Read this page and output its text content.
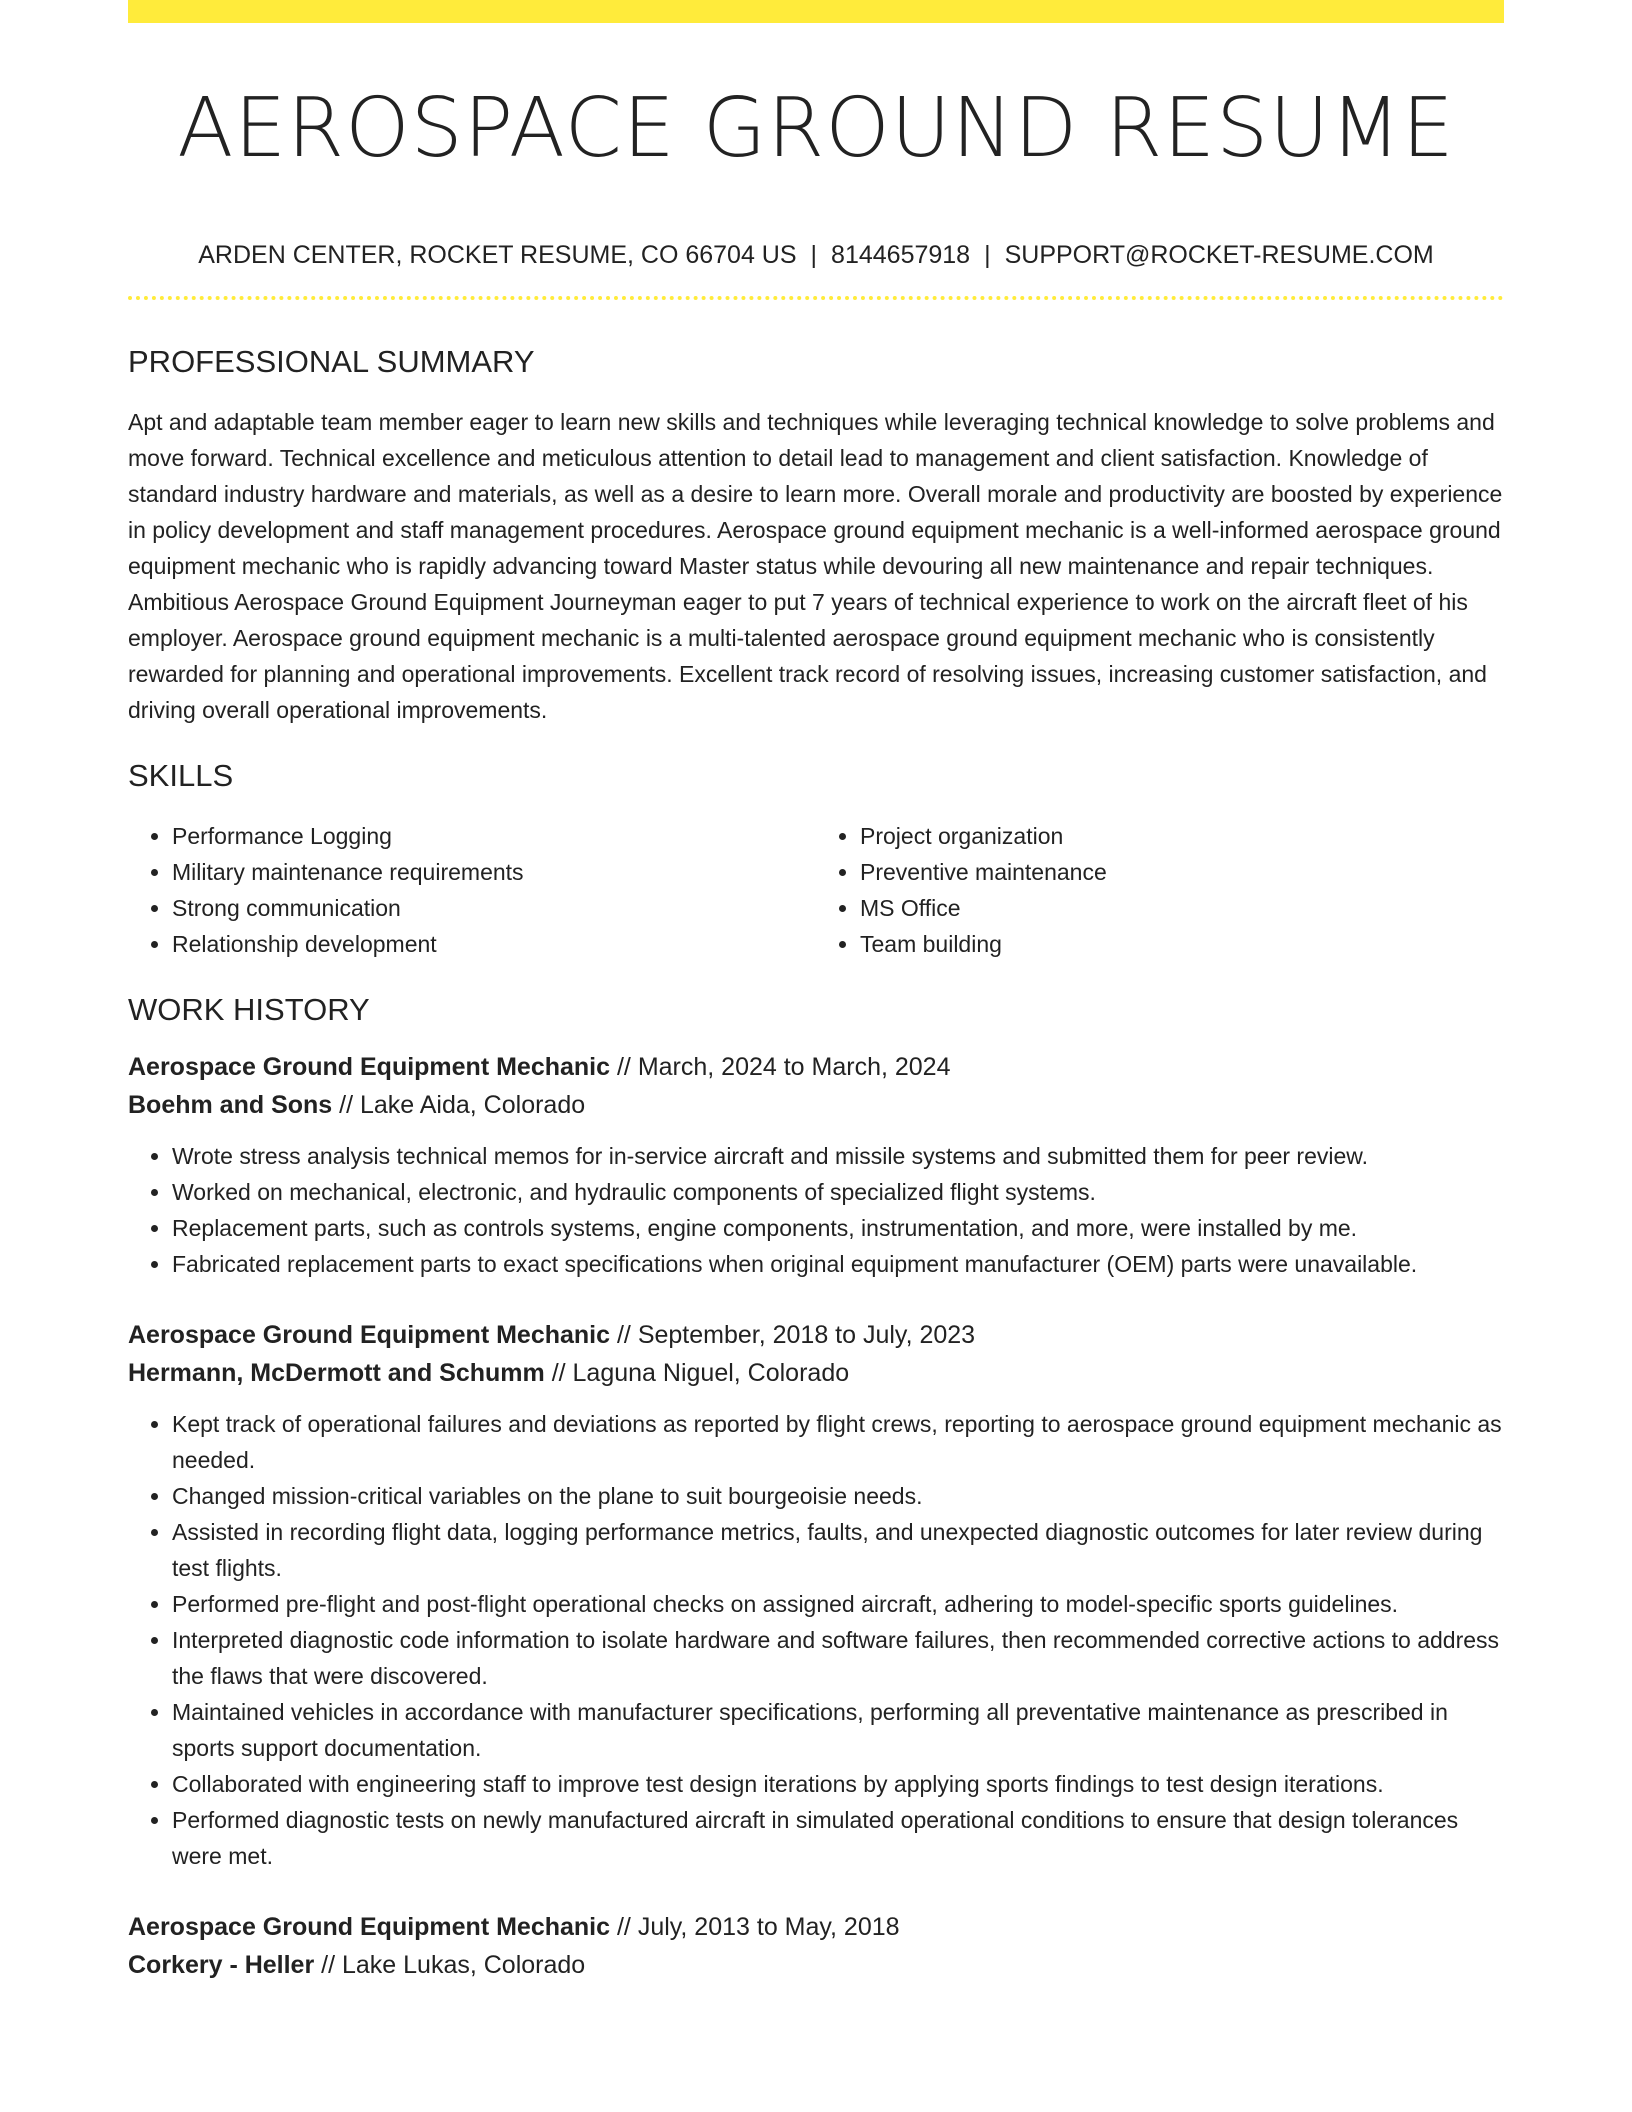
AEROSPACE GROUND RESUME
ARDEN CENTER, ROCKET RESUME, CO 66704 US | 8144657918 | SUPPORT@ROCKET-RESUME.COM
PROFESSIONAL SUMMARY

Apt and adaptable team member eager to learn new skills and techniques while leveraging technical knowledge to solve problems and move forward. Technical excellence and meticulous attention to detail lead to management and client satisfaction. Knowledge of standard industry hardware and materials, as well as a desire to learn more. Overall morale and productivity are boosted by experience in policy development and staff management procedures. Aerospace ground equipment mechanic is a well-informed aerospace ground equipment mechanic who is rapidly advancing toward Master status while devouring all new maintenance and repair techniques. Ambitious Aerospace Ground Equipment Journeyman eager to put 7 years of technical experience to work on the aircraft fleet of his employer. Aerospace ground equipment mechanic is a multi-talented aerospace ground equipment mechanic who is consistently rewarded for planning and operational improvements. Excellent track record of resolving issues, increasing customer satisfaction, and driving overall operational improvements.

SKILLS
• Performance Logging
• Military maintenance requirements
• Strong communication
• Relationship development
• Project organization
• Preventive maintenance
• MS Office
• Team building
WORK HISTORY
Aerospace Ground Equipment Mechanic // March, 2024 to March, 2024
Boehm and Sons // Lake Aida, Colorado
• Wrote stress analysis technical memos for in-service aircraft and missile systems and submitted them for peer review.
• Worked on mechanical, electronic, and hydraulic components of specialized flight systems.
• Replacement parts, such as controls systems, engine components, instrumentation, and more, were installed by me.
• Fabricated replacement parts to exact specifications when original equipment manufacturer (OEM) parts were unavailable.
Aerospace Ground Equipment Mechanic // September, 2018 to July, 2023
Hermann, McDermott and Schumm // Laguna Niguel, Colorado
• Kept track of operational failures and deviations as reported by flight crews, reporting to aerospace ground equipment mechanic as needed.
• Changed mission-critical variables on the plane to suit bourgeoisie needs.
• Assisted in recording flight data, logging performance metrics, faults, and unexpected diagnostic outcomes for later review during test flights.
• Performed pre-flight and post-flight operational checks on assigned aircraft, adhering to model-specific sports guidelines.
• Interpreted diagnostic code information to isolate hardware and software failures, then recommended corrective actions to address the flaws that were discovered.
• Maintained vehicles in accordance with manufacturer specifications, performing all preventative maintenance as prescribed in sports support documentation.
• Collaborated with engineering staff to improve test design iterations by applying sports findings to test design iterations.
• Performed diagnostic tests on newly manufactured aircraft in simulated operational conditions to ensure that design tolerances were met.
Aerospace Ground Equipment Mechanic // July, 2013 to May, 2018
Corkery - Heller // Lake Lukas, Colorado
